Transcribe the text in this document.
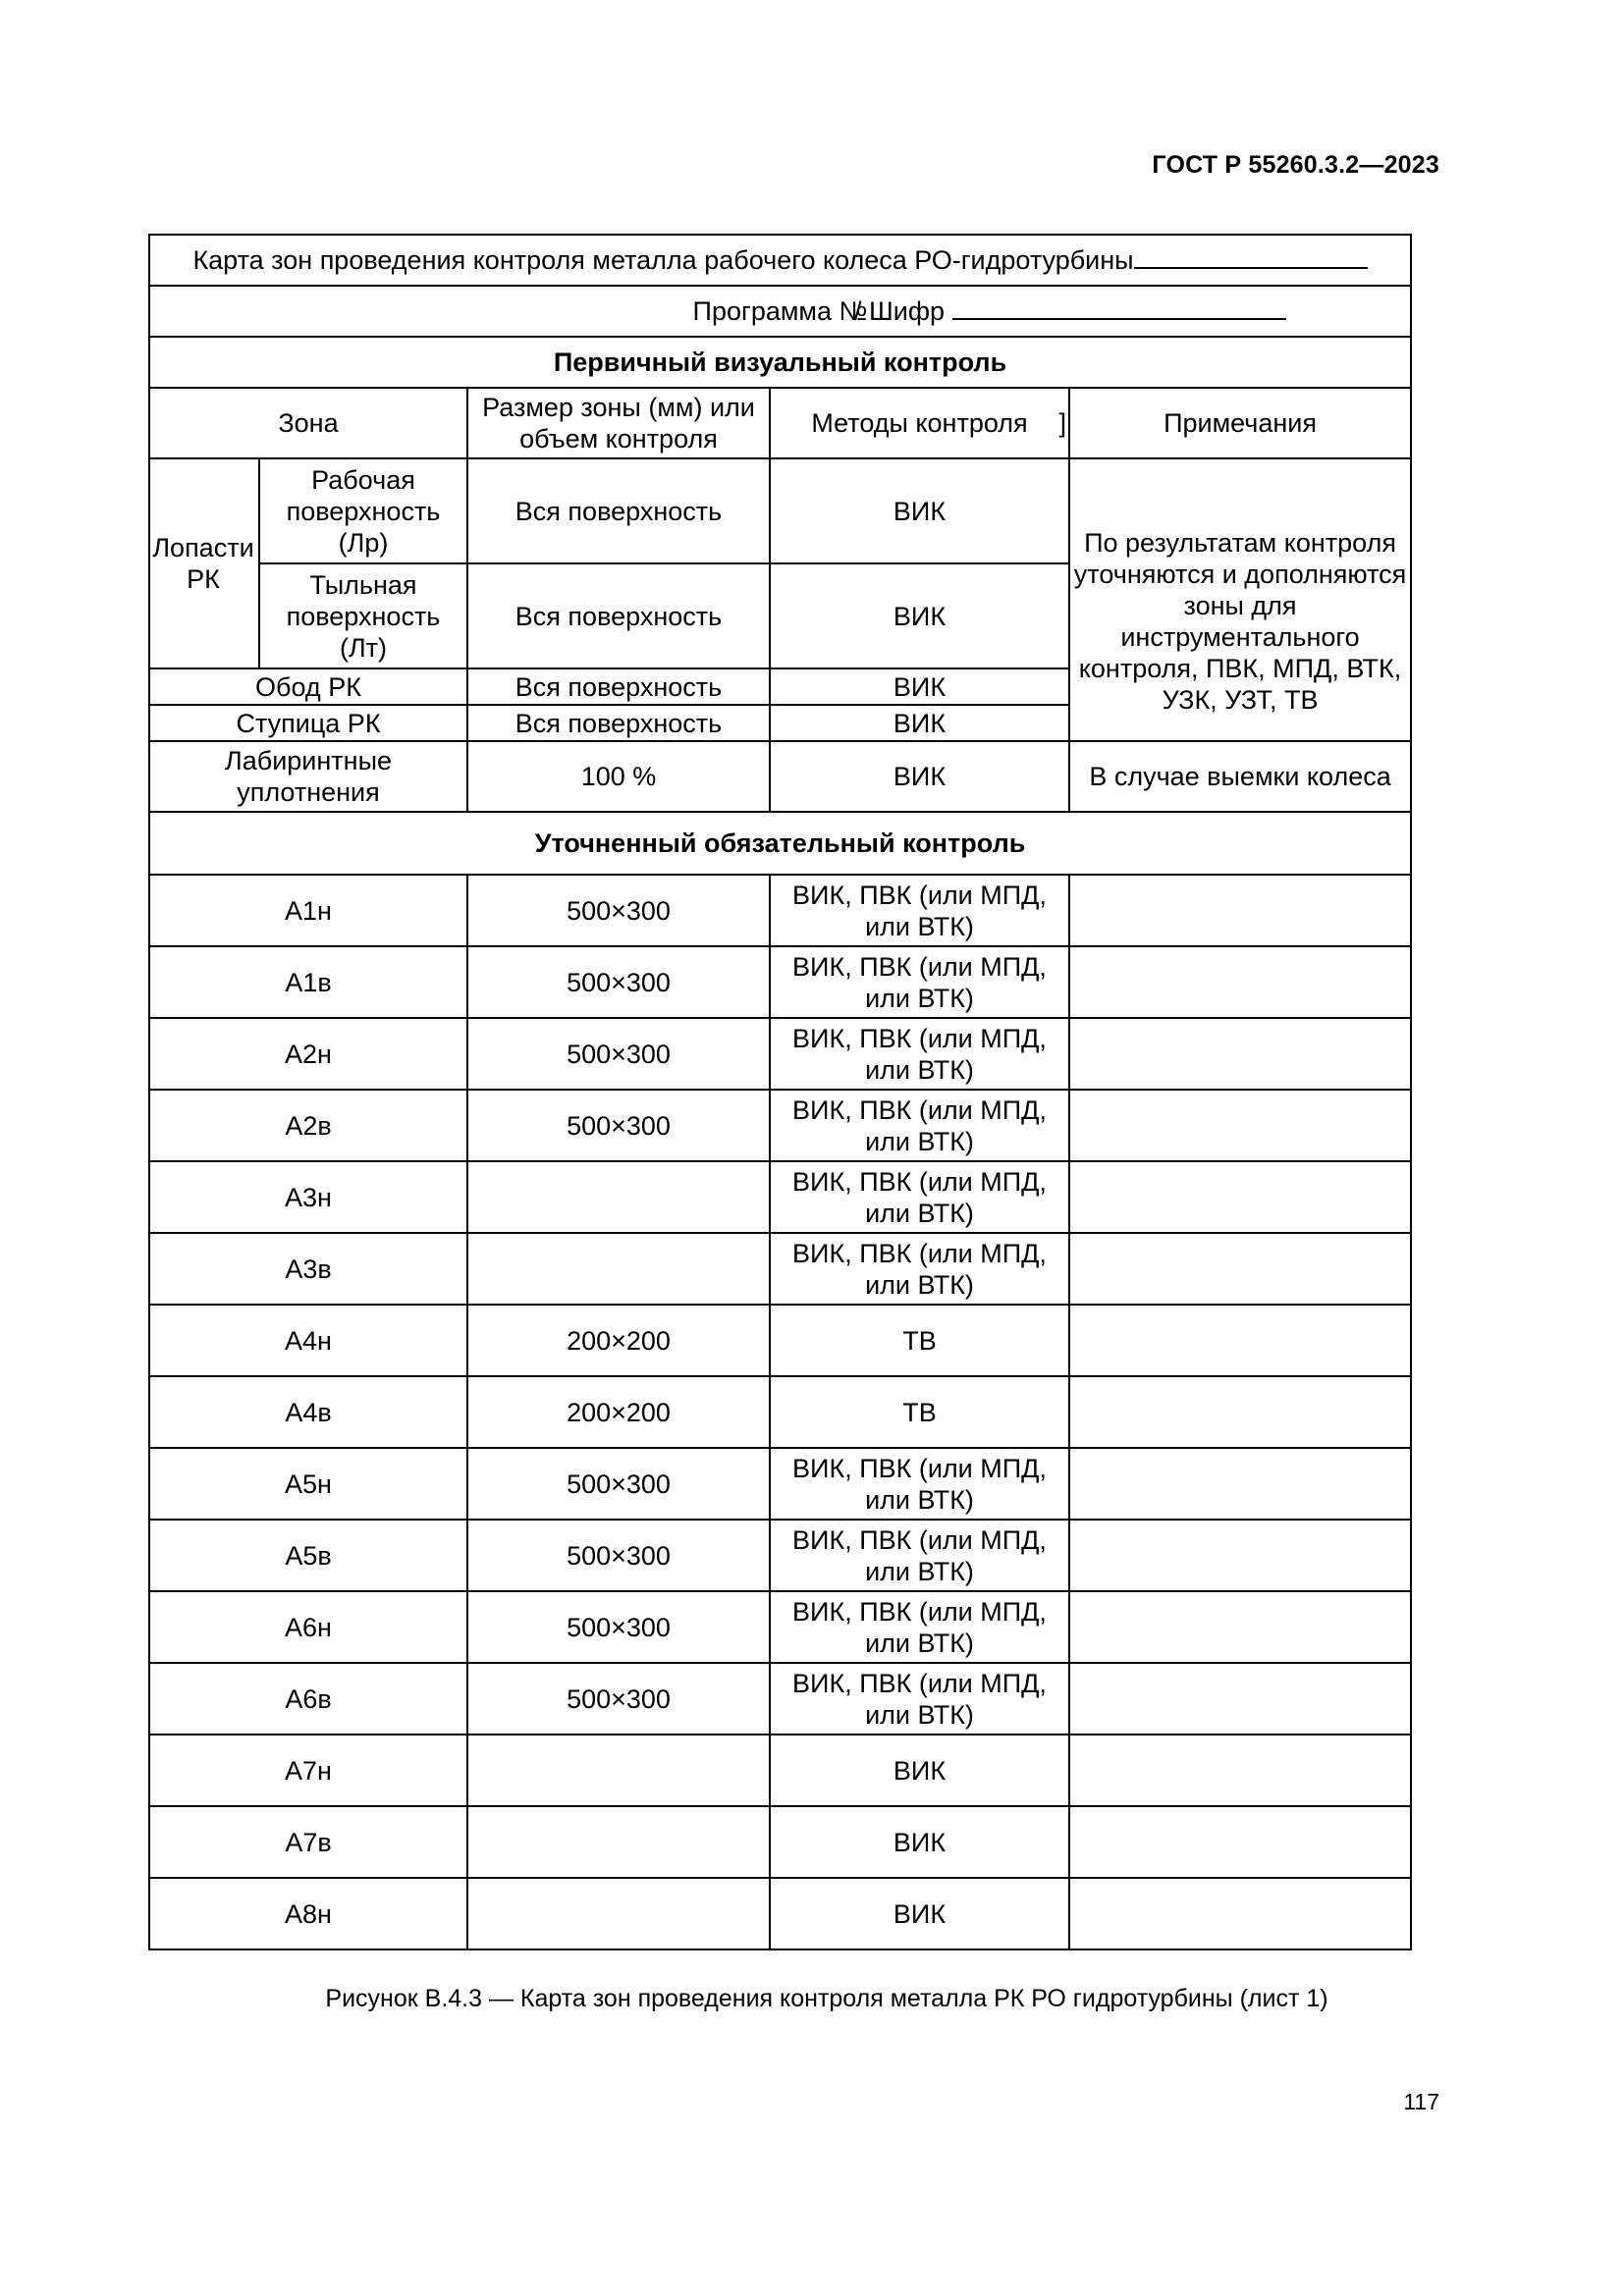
ГОСТ Р 55260.3.2—2023
Карта зон проведения контроля металла рабочего колеса РО-гидротурбины				

Программа №
/ Шифр				

Первичный визуальный контроль				
Зона		Размер зоны (мм) или объем контроля	Методы контроля ]	Примечания

Лопасти РК	Рабочая поверхность (Лр)	Вся поверхность	ВИК	По результатам контроля уточняются и дополняются зоны для инструментального контроля, ПВК, МПД, ВТК, УЗК, УЗТ, ТВ
	Тыльная поверхность (Лт)	Вся поверхность	ВИК	
Обод РК		Вся поверхность	ВИК	
Ступица РК		Вся поверхность	ВИК	
Лабиринтные уплотнения		100 %	ВИК	В случае выемки колеса
Уточненный обязательный контроль				
А1н		500×300	ВИК, ПВК (или МПД, или ВТК)	
А1в		500×300	ВИК, ПВК (или МПД, или ВТК)	
А2н		500×300	ВИК, ПВК (или МПД, или ВТК)	
А2в		500×300	ВИК, ПВК (или МПД, или ВТК)	
А3н			ВИК, ПВК (или МПД, или ВТК)	
А3в			ВИК, ПВК (или МПД, или ВТК)	
А4н		200×200	ТВ	
А4в		200×200	ТВ	
А5н		500×300	ВИК, ПВК (или МПД, или ВТК)	
А5в		500×300	ВИК, ПВК (или МПД, или ВТК)	
А6н		500×300	ВИК, ПВК (или МПД, или ВТК)	
А6в		500×300	ВИК, ПВК (или МПД, или ВТК)	
А7н			ВИК	
А7в			ВИК	
А8н			ВИК	
Рисунок В.4.3 — Карта зон проведения контроля металла РК РО гидротурбины (лист 1)
117
